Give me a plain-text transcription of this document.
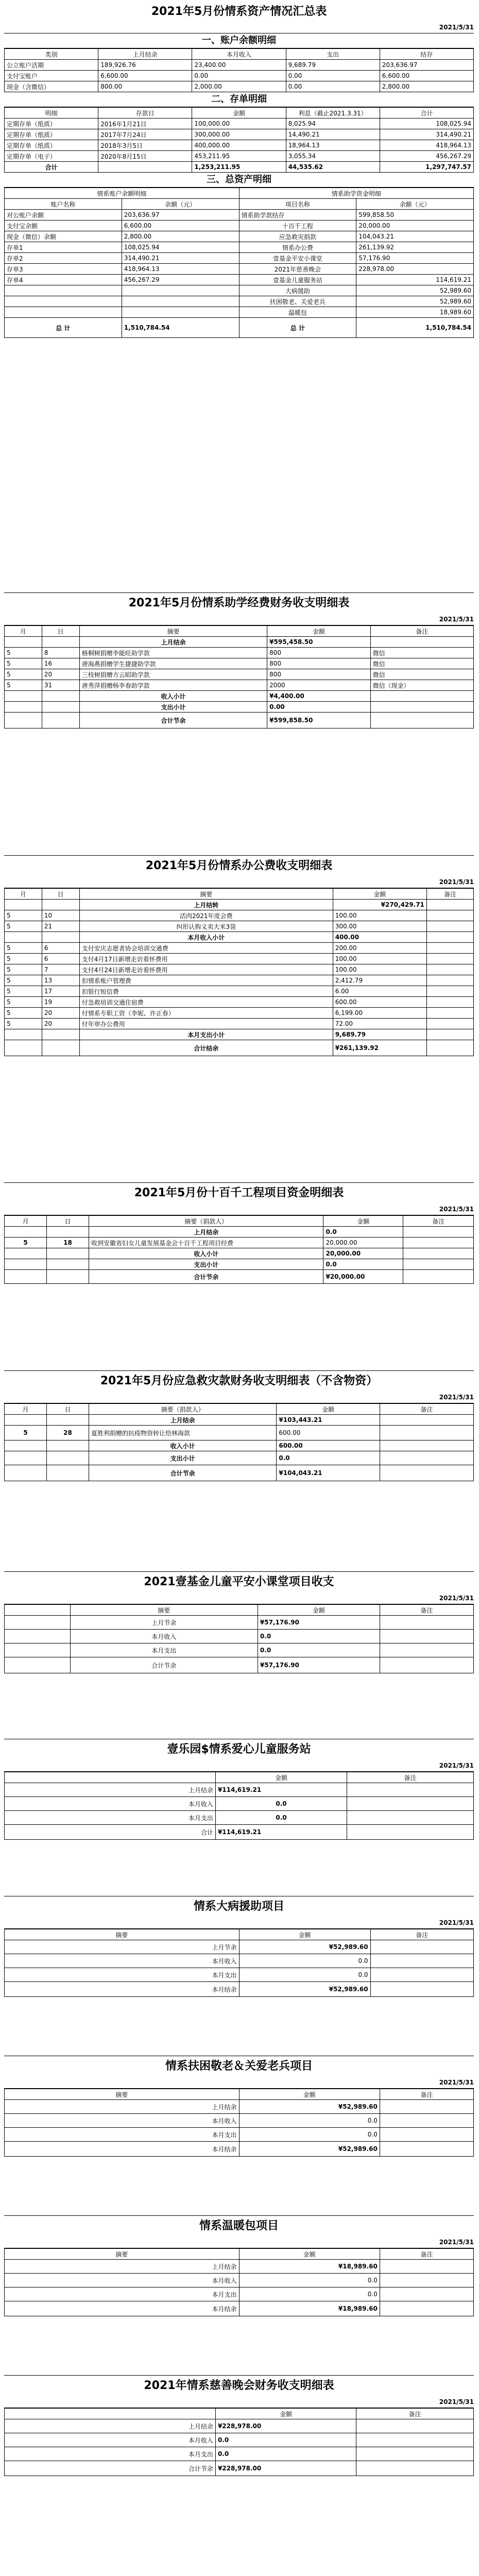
2021年5月份情系资产情况汇总表
2021/5/31
一、账户余额明细
类别	上月结余	本月收入	支出	结存
公立账户活期	189,926.76	23,400.00	9,689.79	203,636.97
支付宝账户	6,600.00	0.00	0.00	6,600.00
现金（含微信）	800.00	2,000.00	0.00	2,800.00
二、存单明细
明细	存款日	金额	利息（截止2021.3.31）	合计
定期存单（纸质）	2016年1月21日	100,000.00	8,025.94	108,025.94
定期存单（纸质）	2017年7月24日	300,000.00	14,490.21	314,490.21
定期存单（纸质）	2018年3月5日	400,000.00	18,964.13	418,964.13
定期存单（电子）	2020年8月15日	453,211.95	3,055.34	456,267.29
合计		1,253,211.95	44,535.62	1,297,747.57
三、总资产明细
情系账户余额明细		情系助学资金明细	
账户名称	余额（元）	项目名称	余额（元）
对公账户余额	203,636.97	情系助学款结存	599,858.50
支付宝余额	6,600.00	十百千工程	20,000.00
现金（微信）余额	2,800.00	应急救灾捐款	104,043.21
存单1	108,025.94	情系办公费	261,139.92
存单2	314,490.21	壹基金平安小课堂	57,176.90
存单3	418,964.13	2021年慈善晚会	228,978.00
存单4	456,267.29	壹基金儿童服务站	114,619.21
		大病援助	52,989.60
		扶困敬老、关爱老兵	52,989.60
		温暖包	18,989.60
总 计	1,510,784.54	总 计	1,510,784.54
2021年5月份情系助学经费财务收支明细表
2021/5/31
月	日	摘要	金额	备注
		上月结余	¥595,458.50	
5	8	格桐树捐赠李能旺助学款	800	微信
5	16	唐海燕捐赠学生捷捷助学款	800	微信
5	20	三枝树捐赠方云昭助学款	800	微信
5	31	唐秀萍捐赠杨李春助学款	2000	微信（现金）
		收入小计	¥4,400.00	
		支出小计	0.00	
		合计节余	¥599,858.50	
2021年5月份情系办公费收支明细表
2021/5/31
月	日	摘要	金额	备注
		上月结转	¥270,429.71	
5	10	活肉2021年度会费	100.00	
5	21	纠形认购义卖大米3袋	300.00	
		本月收入小计	400.00	
5	6	支付安庆志愿者协会培训交通费	200.00	
5	6	支付4月17日新增走访看怀费用	100.00	
5	7	支付4月24日新增走访看怀费用	100.00	
5	13	扣情系账户管理费	2,412.79	
5	17	扣银行短信费	6.00	
5	19	付急救培训交通住宿费	600.00	
5	20	付情系专职工资（李妮、许正春）	6,199.00	
5	20	付年审办公费用	72.00	
		本月支出小计	9,689.79	
		合计结余	¥261,139.92	
2021年5月份十百千工程项目资金明细表
2021/5/31
月	日	摘要（捐款人）	金额	备注
		上月结余	0.0	
5	18	收到安徽省妇女儿童发展基金会十百千工程项目经费	20,000.00	
		收入小计	20,000.00	
		支出小计	0.0	
		合计节余	¥20,000.00	
2021年5月份应急救灾款财务收支明细表（不含物资）
2021/5/31
月	日	摘要（捐款人）	金额	备注
		上月结余	¥103,443.21	
5	28	夏胜利捐赠的抗疫物资转让给林海款	600.00	
		收入小计	600.00	
		支出小计	0.0	
		合计节余	¥104,043.21	
2021壹基金儿童平安小课堂项目收支
2021/5/31
	摘要	金额	备注
	上月节余	¥57,176.90	
	本月收入	0.0	
	本月支出	0.0	
	合计节余	¥57,176.90	
壹乐园$情系爱心儿童服务站
2021/5/31
	金额	备注
上月结余	¥114,619.21	
本月收入	0.0	
本月支出	0.0	
合计	¥114,619.21	
情系大病援助项目
2021/5/31
摘要	金额	备注
上月节余	¥52,989.60	
本月收入	0.0	
本月支出	0.0	
本月结余	¥52,989.60	
情系扶困敬老＆关爱老兵项目
2021/5/31
摘要	金额	备注
上月结余	¥52,989.60	
本月收入	0.0	
本月支出	0.0	
本月结余	¥52,989.60	
情系温暖包项目
2021/5/31
摘要	金额	备注
上月结余	¥18,989.60	
本月收入	0.0	
本月支出	0.0	
本月结余	¥18,989.60	
2021年情系慈善晚会财务收支明细表
2021/5/31
	金额	备注
上月结余	¥228,978.00	
本月收入	0.0	
本月支出	0.0	
合计节余	¥228,978.00	
